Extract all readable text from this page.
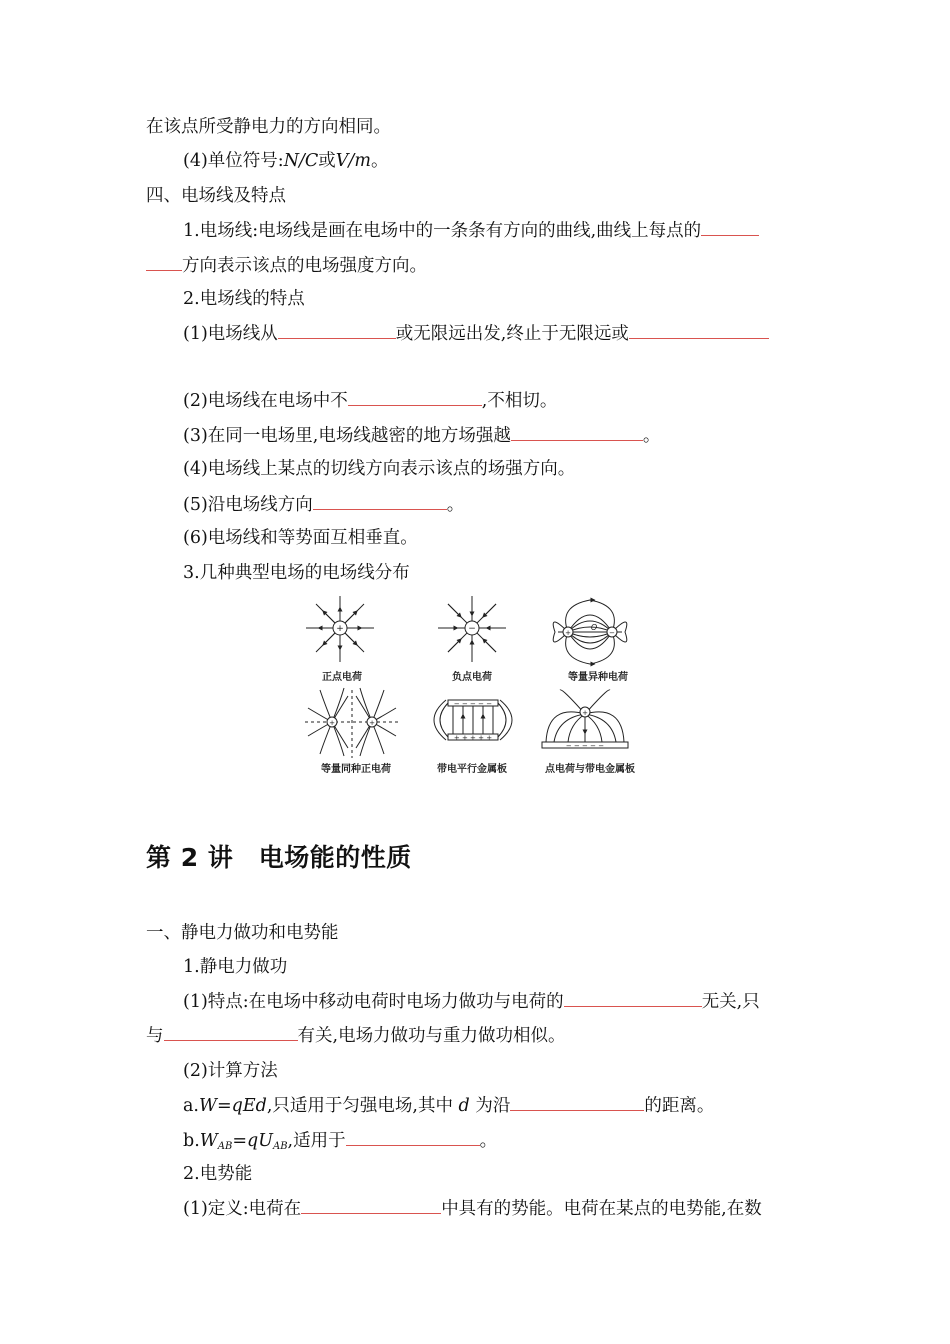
在该点所受静电力的方向相同。
(4)单位符号:N/C或V/m。
四、电场线及特点
1.电场线:电场线是画在电场中的一条条有方向的曲线,曲线上每点的
方向表示该点的电场强度方向。
2.电场线的特点
(1)电场线从	或无限远出发,终止于无限远或
(2)电场线在电场中不	,不相切。
(3)在同一电场里,电场线越密的地方场强越	。
(4)电场线上某点的切线方向表示该点的场强方向。
(5)沿电场线方向	。
(6)电场线和等势面互相垂直。
3.几种典型电场的电场线分布
+	−	+	−
O
+	+
− − − − −
+ + + + +
+
− − − − −
正点电荷	负点电荷	等量异种电荷
等量同种正电荷	带电平行金属板	点电荷与带电金属板
第 2 讲　电场能的性质
一、静电力做功和电势能
1.静电力做功
(1)特点:在电场中移动电荷时电场力做功与电荷的	无关,只
与	有关,电场力做功与重力做功相似。
(2)计算方法
a.W=qEd,只适用于匀强电场,其中 d 为沿	的距离。
$b.W_{AB}=qU_{AB}$,适用于	。
2.电势能
(1)定义:电荷在	中具有的势能。电荷在某点的电势能,在数
